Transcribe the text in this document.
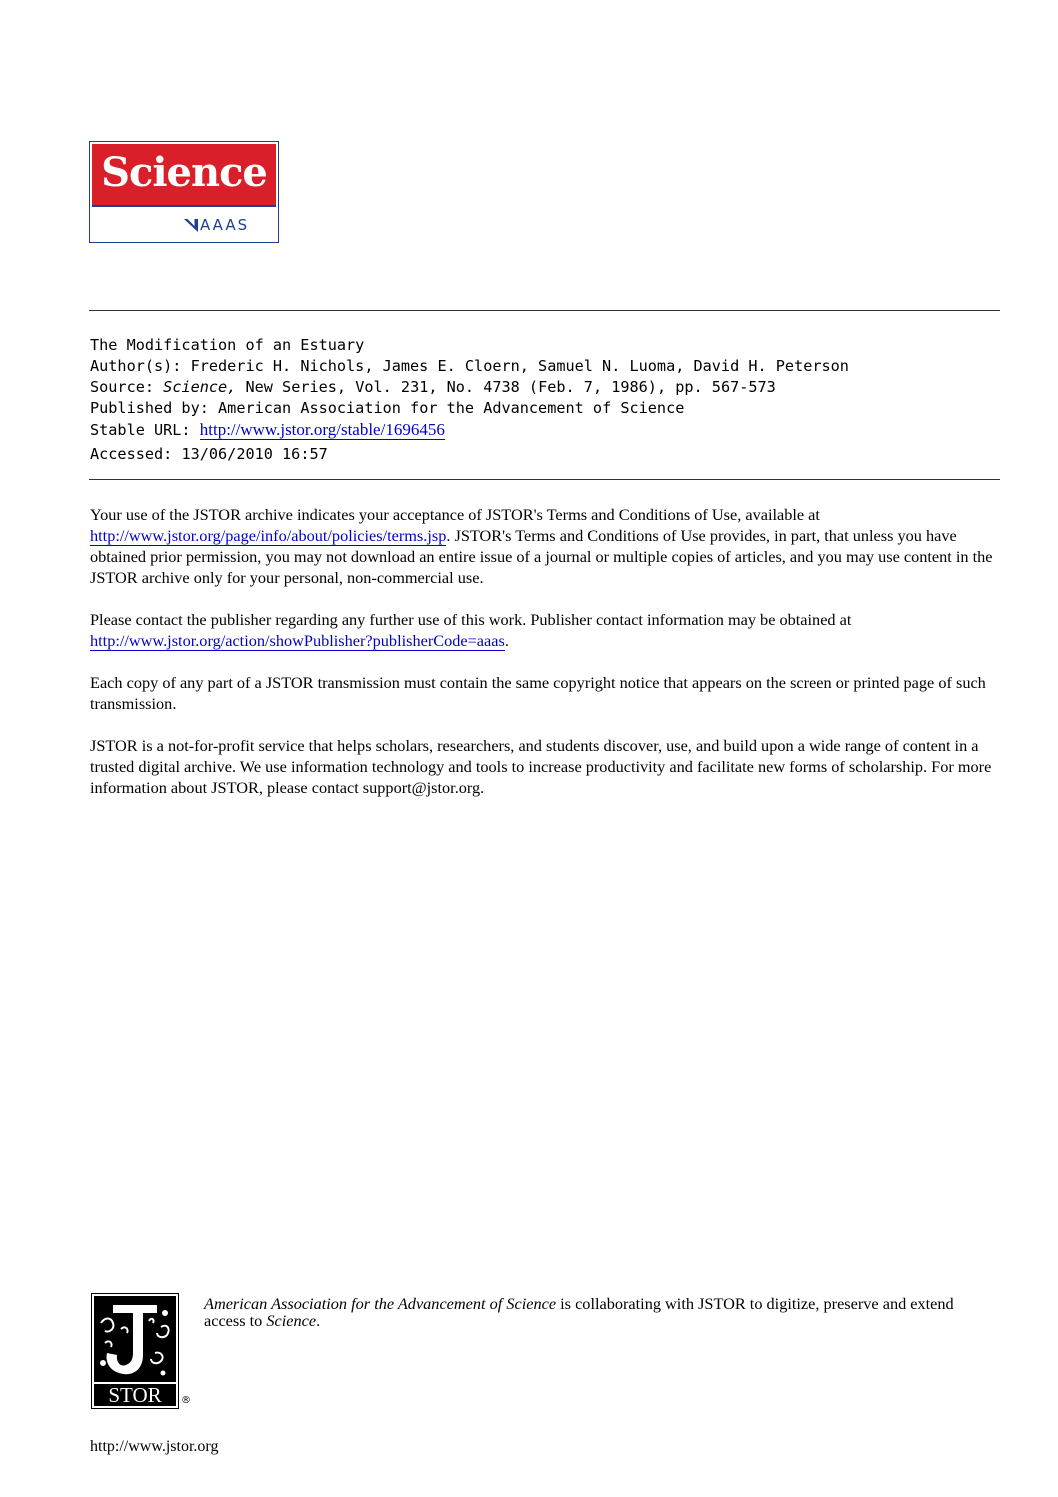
Science
AAAS
The Modification of an Estuary
Author(s): Frederic H. Nichols, James E. Cloern, Samuel N. Luoma, David H. Peterson
Source: Science, New Series, Vol. 231, No. 4738 (Feb. 7, 1986), pp. 567-573
Published by: American Association for the Advancement of Science
Stable URL: http://www.jstor.org/stable/1696456
Accessed: 13/06/2010 16:57

Your use of the JSTOR archive indicates your acceptance of JSTOR's Terms and Conditions of Use, available at http://www.jstor.org/page/info/about/policies/terms.jsp. JSTOR's Terms and Conditions of Use provides, in part, that unless you have obtained prior permission, you may not download an entire issue of a journal or multiple copies of articles, and you may use content in the JSTOR archive only for your personal, non-commercial use.

Please contact the publisher regarding any further use of this work. Publisher contact information may be obtained at http://www.jstor.org/action/showPublisher?publisherCode=aaas.

Each copy of any part of a JSTOR transmission must contain the same copyright notice that appears on the screen or printed page of such transmission.

JSTOR is a not-for-profit service that helps scholars, researchers, and students discover, use, and build upon a wide range of content in a trusted digital archive. We use information technology and tools to increase productivity and facilitate new forms of scholarship. For more information about JSTOR, please contact support@jstor.org.

STOR ®
American Association for the Advancement of Science is collaborating with JSTOR to digitize, preserve and extend access to Science.
http://www.jstor.org
